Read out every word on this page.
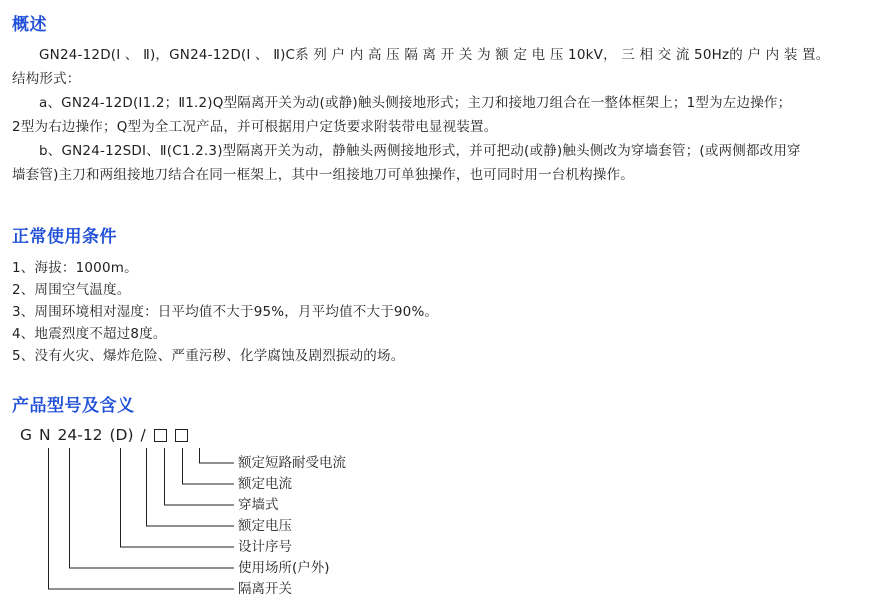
概述

GN24-12D(Ⅰ 、 Ⅱ)，GN24-12D(Ⅰ 、 Ⅱ)C系 列 户 内 高 压 隔 离 开 关 为 额 定 电 压 10kV， 三 相 交 流 50Hz的 户 内 装 置。

结构形式：

a、GN24-12D(Ⅰ1.2；Ⅱ1.2)Q型隔离开关为动(或静)触头侧接地形式；主刀和接地刀组合在一整体框架上；1型为左边操作；

2型为右边操作；Q型为全工况产品，并可根据用户定货要求附装带电显视装置。

b、GN24-12SDⅠ、Ⅱ(C1.2.3)型隔离开关为动，静触头两侧接地形式，并可把动(或静)触头侧改为穿墙套管；(或两侧都改用穿

墙套管)主刀和两组接地刀结合在同一框架上，其中一组接地刀可单独操作，也可同时用一台机构操作。

正常使用条件

1、海拔：1000m。

2、周围空气温度。

3、周围环境相对湿度：日平均值不大于95%，月平均值不大于90%。

4、地震烈度不超过8度。

5、没有火灾、爆炸危险、严重污秽、化学腐蚀及剧烈振动的场。

产品型号及含义
G N 24-12 (D) /
额定短路耐受电流
额定电流
穿墙式
额定电压
设计序号
使用场所(户外)
隔离开关
